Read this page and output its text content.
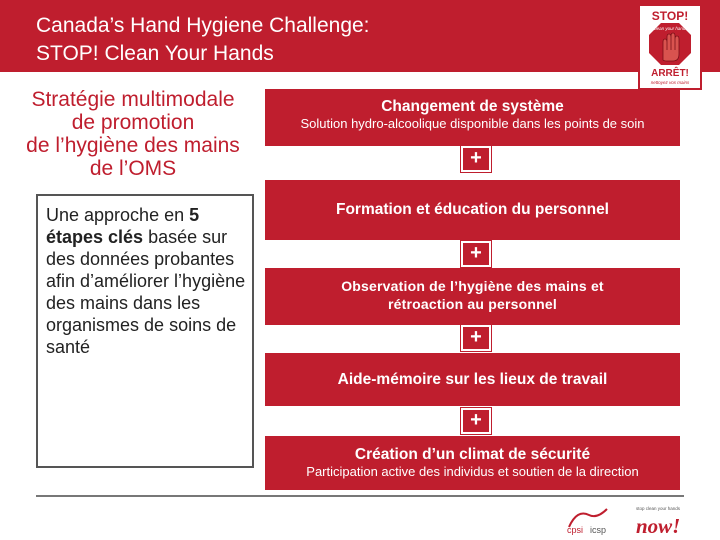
Canada’s Hand Hygiene Challenge:
STOP! Clean Your Hands
STOP!
Clean your hands
ARRÊT!
nettoyez vos mains
Stratégie multimodale
de promotion
de l’hygiène des mains
de l’OMS
Une approche en 5 étapes clés basée sur des données probantes afin d’améliorer l’hygiène des mains dans les organismes de soins de santé
Changement de système
Solution hydro-alcoolique disponible dans les points de soin
+
Formation et éducation du personnel
+
Observation de l’hygiène des mains et
rétroaction au personnel
+
Aide-mémoire sur les lieux de travail
+
Création d’un climat de sécurité
Participation active des individus et soutien de la direction
cpsi icsp
stop clean your hands
now!
